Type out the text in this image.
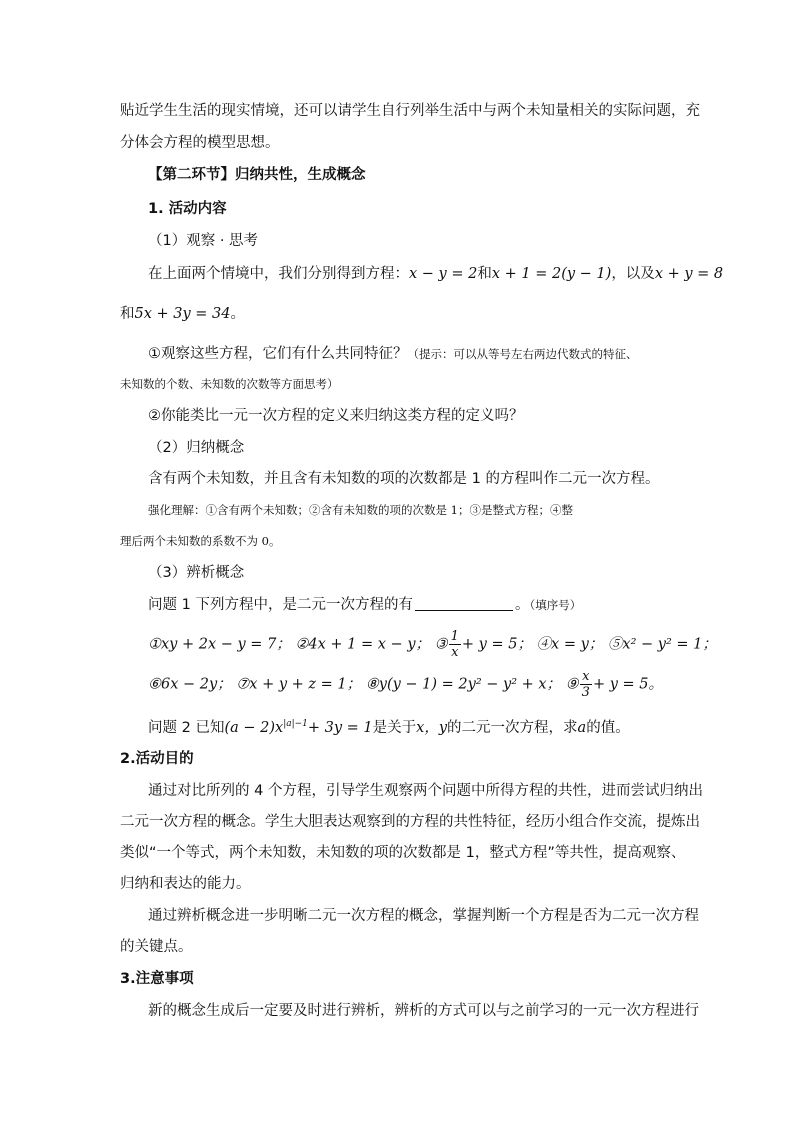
贴近学生生活的现实情境，还可以请学生自行列举生活中与两个未知量相关的实际问题，充
分体会方程的模型思想。
【第二环节】归纳共性，生成概念
1. 活动内容
（1）观察 · 思考
在上面两个情境中，我们分别得到方程：x − y = 2和x + 1 = 2(y − 1)，以及x + y = 8
和5x + 3y = 34。
①观察这些方程，它们有什么共同特征？（提示：可以从等号左右两边代数式的特征、
未知数的个数、未知数的次数等方面思考）
②你能类比一元一次方程的定义来归纳这类方程的定义吗？
（2）归纳概念
含有两个未知数，并且含有未知数的项的次数都是 1 的方程叫作二元一次方程。
强化理解：①含有两个未知数；②含有未知数的项的次数是 1；③是整式方程；④整
理后两个未知数的系数不为 0。
（3）辨析概念
问题 1 下列方程中，是二元一次方程的有	。（填序号）
①xy + 2x − y = 7； ②4x + 1 = x − y； ③ $\frac{1}{x} + y = 5$； ④x = y； ⑤x² − y² = 1；
⑥6x − 2y； ⑦x + y + z = 1； ⑧y(y − 1) = 2y² − y² + x； ⑨ $\frac{x}{3} + y = 5$。
问题 2 已知$(a - 2)x^{|a|-1}+ 3y = 1$是关于x，y的二元一次方程，求a的值。
2.活动目的
通过对比所列的 4 个方程，引导学生观察两个问题中所得方程的共性，进而尝试归纳出
二元一次方程的概念。学生大胆表达观察到的方程的共性特征，经历小组合作交流，提炼出
类似“一个等式，两个未知数，未知数的项的次数都是 1，整式方程”等共性，提高观察、
归纳和表达的能力。
通过辨析概念进一步明晰二元一次方程的概念，掌握判断一个方程是否为二元一次方程
的关键点。
3.注意事项
新的概念生成后一定要及时进行辨析，辨析的方式可以与之前学习的一元一次方程进行
